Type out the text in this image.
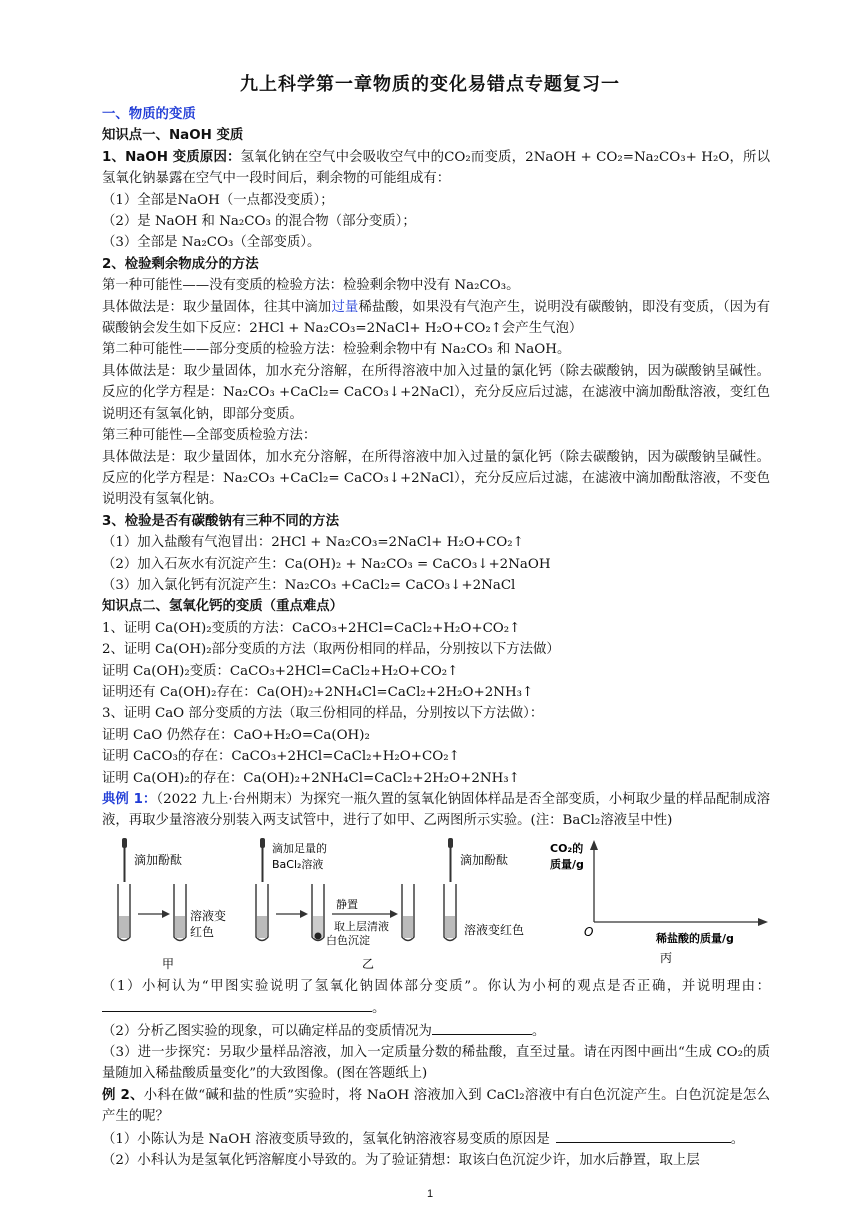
九上科学第一章物质的变化易错点专题复习一

一、物质的变质

知识点一、NaOH 变质

1、NaOH 变质原因：氢氧化钠在空气中会吸收空气中的CO₂而变质，2NaOH + CO₂=Na₂CO₃+ H₂O，所以氢氧化钠暴露在空气中一段时间后，剩余物的可能组成有：

（1）全部是NaOH（一点都没变质）；

（2）是 NaOH 和 Na₂CO₃ 的混合物（部分变质）；

（3）全部是 Na₂CO₃（全部变质）。

2、检验剩余物成分的方法

第一种可能性——没有变质的检验方法：检验剩余物中没有 Na₂CO₃。

具体做法是：取少量固体，往其中滴加过量稀盐酸，如果没有气泡产生，说明没有碳酸钠，即没有变质，（因为有碳酸钠会发生如下反应：2HCl + Na₂CO₃=2NaCl+ H₂O+CO₂↑会产生气泡）

第二种可能性——部分变质的检验方法：检验剩余物中有 Na₂CO₃ 和 NaOH。

具体做法是：取少量固体，加水充分溶解，在所得溶液中加入过量的氯化钙（除去碳酸钠，因为碳酸钠呈碱性。反应的化学方程是：Na₂CO₃ +CaCl₂= CaCO₃↓+2NaCl），充分反应后过滤，在滤液中滴加酚酞溶液，变红色说明还有氢氧化钠，即部分变质。

第三种可能性—全部变质检验方法：

具体做法是：取少量固体，加水充分溶解，在所得溶液中加入过量的氯化钙（除去碳酸钠，因为碳酸钠呈碱性。反应的化学方程是：Na₂CO₃ +CaCl₂= CaCO₃↓+2NaCl），充分反应后过滤，在滤液中滴加酚酞溶液，不变色说明没有氢氧化钠。

3、检验是否有碳酸钠有三种不同的方法

（1）加入盐酸有气泡冒出：2HCl + Na₂CO₃=2NaCl+ H₂O+CO₂↑

（2）加入石灰水有沉淀产生：Ca(OH)₂ + Na₂CO₃ = CaCO₃↓+2NaOH

（3）加入氯化钙有沉淀产生：Na₂CO₃ +CaCl₂= CaCO₃↓+2NaCl

知识点二、氢氧化钙的变质（重点难点）

1、证明 Ca(OH)₂变质的方法：CaCO₃+2HCl=CaCl₂+H₂O+CO₂↑

2、证明 Ca(OH)₂部分变质的方法（取两份相同的样品，分别按以下方法做）

证明 Ca(OH)₂变质：CaCO₃+2HCl=CaCl₂+H₂O+CO₂↑

证明还有 Ca(OH)₂存在：Ca(OH)₂+2NH₄Cl=CaCl₂+2H₂O+2NH₃↑

3、证明 CaO 部分变质的方法（取三份相同的样品，分别按以下方法做）：

证明 CaO 仍然存在：CaO+H₂O=Ca(OH)₂

证明 CaCO₃的存在：CaCO₃+2HCl=CaCl₂+H₂O+CO₂↑

证明 Ca(OH)₂的存在：Ca(OH)₂+2NH₄Cl=CaCl₂+2H₂O+2NH₃↑

典例 1：（2022 九上·台州期末）为探究一瓶久置的氢氧化钠固体样品是否全部变质，小柯取少量的样品配制成溶液，再取少量溶液分别装入两支试管中，进行了如甲、乙两图所示实验。(注：BaCl₂溶液呈中性)

滴加酚酞
溶液变
红色
甲
滴加足量的
BaCl₂溶液
白色沉淀
静置
取上层清液
乙
滴加酚酞
溶液变红色
CO₂的
质量/g
O	稀盐酸的质量/g
丙

（1）小柯认为“甲图实验说明了氢氧化钠固体部分变质”。你认为小柯的观点是否正确，并说明理由：。

（2）分析乙图实验的现象，可以确定样品的变质情况为	。

（3）进一步探究：另取少量样品溶液，加入一定质量分数的稀盐酸，直至过量。请在丙图中画出“生成 CO₂的质量随加入稀盐酸质量变化”的大致图像。(图在答题纸上)

例 2、小科在做“碱和盐的性质”实验时，将 NaOH 溶液加入到 CaCl₂溶液中有白色沉淀产生。白色沉淀是怎么产生的呢？

（1）小陈认为是 NaOH 溶液变质导致的，氢氧化钠溶液容易变质的原因是	。

（2）小科认为是氢氧化钙溶解度小导致的。为了验证猜想：取该白色沉淀少许，加水后静置，取上层

1
